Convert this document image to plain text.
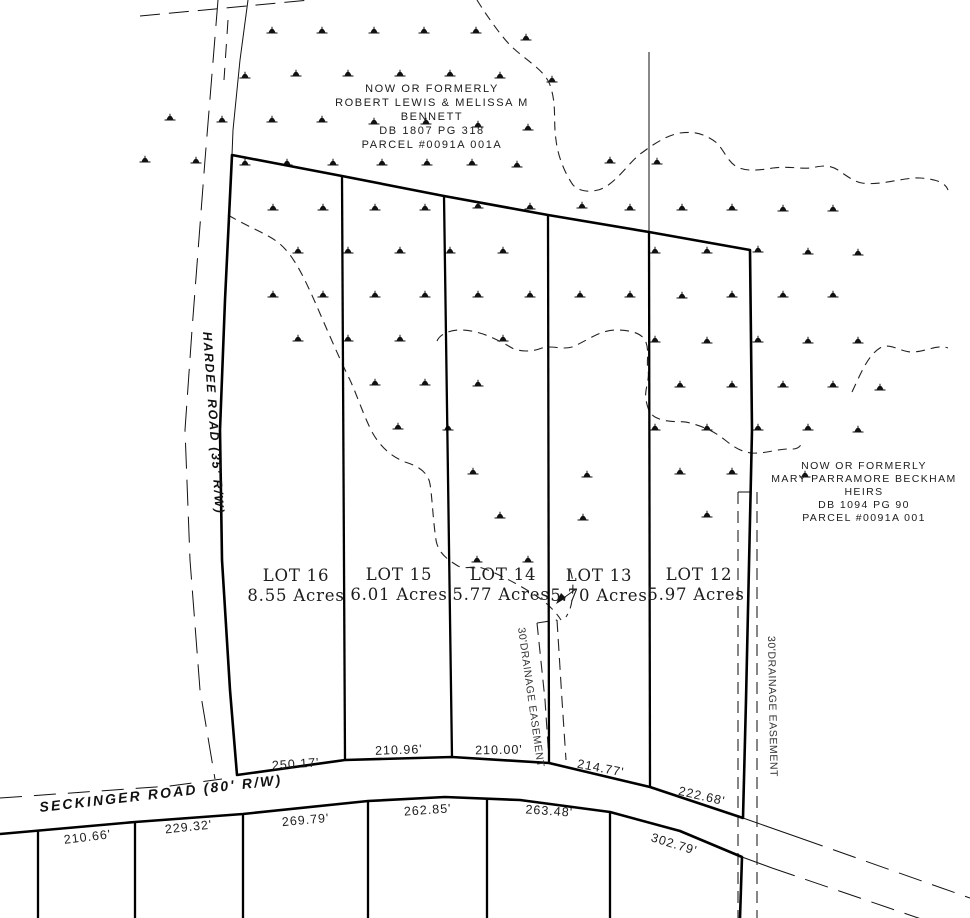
NOW OR FORMERLY
ROBERT LEWIS & MELISSA M
BENNETT
DB 1807 PG 318
PARCEL #0091A 001A
NOW OR FORMERLY
MARY PARRAMORE BECKHAM
HEIRS
DB 1094 PG 90
PARCEL #0091A 001
HARDEE ROAD (35' R/W)
SECKINGER ROAD (80' R/W)
30'DRAINAGE EASEMENT	30'DRAINAGE EASEMENT
LOT 16
8.55 Acres
LOT 15
6.01 Acres
LOT 14
5.77 Acres
LOT 13
5.70 Acres
LOT 12
5.97 Acres
250.17'
210.96'	210.00'
214.77'
222.68'
210.66'
229.32'	269.79'
262.85'	263.48'
302.79'
